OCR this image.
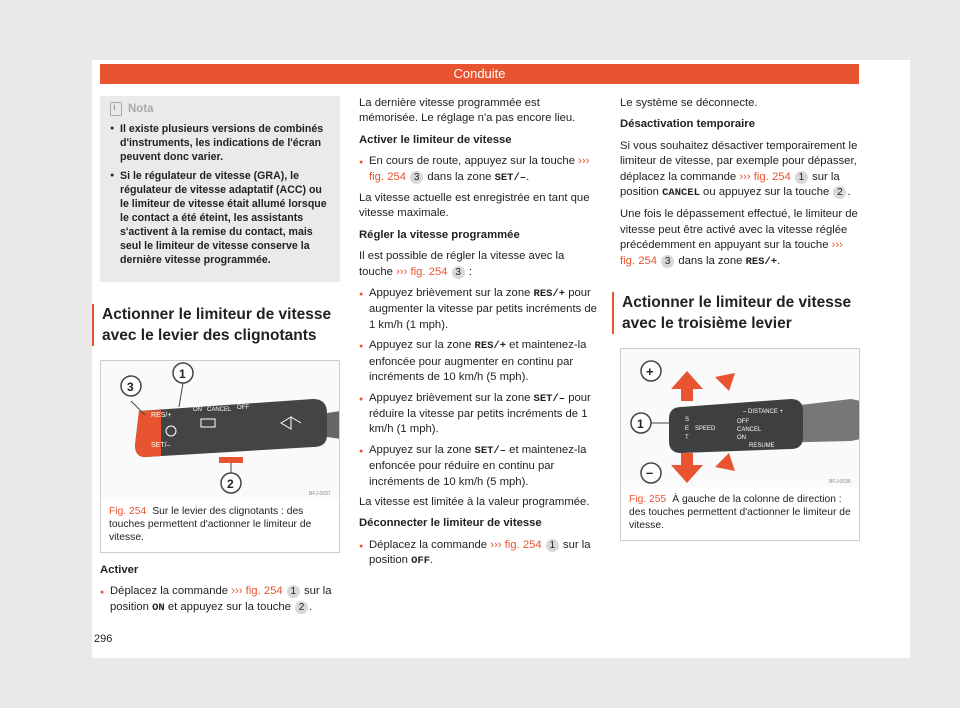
Conduite
i
Nota
● Il existe plusieurs versions de combinés d'instruments, les indications de l'écran peuvent donc varier.
● Si le régulateur de vitesse (GRA), le régulateur de vitesse adaptatif (ACC) ou le limiteur de vitesse était allumé lorsque le contact a été éteint, les assistants s'activent à la remise du contact, mais seul le limiteur de vitesse conserve la dernière vitesse programmée.
Actionner le limiteur de vitesse avec le levier des clignotants
RES/+
SET/–
ON CANCEL OFF
3
1
2
BFJ-0037
Fig. 254 Sur le levier des clignotants : des touches permettent d'actionner le limiteur de vitesse.

Activer

● Déplacez la commande ››› fig. 254 1 sur la position ON et appuyez sur la touche 2 .

La dernière vitesse programmée est mémorisée. Le réglage n'a pas encore lieu.

Activer le limiteur de vitesse

● En cours de route, appuyez sur la touche ››› fig. 254 3 dans la zone SET/–.

La vitesse actuelle est enregistrée en tant que vitesse maximale.

Régler la vitesse programmée

Il est possible de régler la vitesse avec la touche ››› fig. 254 3 :

● Appuyez brièvement sur la zone RES/+ pour augmenter la vitesse par petits incréments de 1 km/h (1 mph).
● Appuyez sur la zone RES/+ et maintenez-la enfoncée pour augmenter en continu par incréments de 10 km/h (5 mph).
● Appuyez brièvement sur la zone SET/– pour réduire la vitesse par petits incréments de 1 km/h (1 mph).
● Appuyez sur la zone SET/– et maintenez-la enfoncée pour réduire en continu par incréments de 10 km/h (5 mph).

La vitesse est limitée à la valeur programmée.

Déconnecter le limiteur de vitesse

● Déplacez la commande ››› fig. 254 1 sur la position OFF.

Le système se déconnecte.

Désactivation temporaire

Si vous souhaitez désactiver temporairement le limiteur de vitesse, par exemple pour dépasser, déplacez la commande ››› fig. 254 1 sur la position CANCEL ou appuyez sur la touche 2 .

Une fois le dépassement effectué, le limiteur de vitesse peut être activé avec la vitesse réglée précédemment en appuyant sur la touche ››› fig. 254 3 dans la zone RES/+.

Actionner le limiteur de vitesse avec le troisième levier
– DISTANCE +
S
E
T
SPEED
OFF
CANCEL
ON
RESUME
+
1
–
BFJ-0036
Fig. 255 À gauche de la colonne de direction : des touches permettent d'actionner le limiteur de vitesse.
296
